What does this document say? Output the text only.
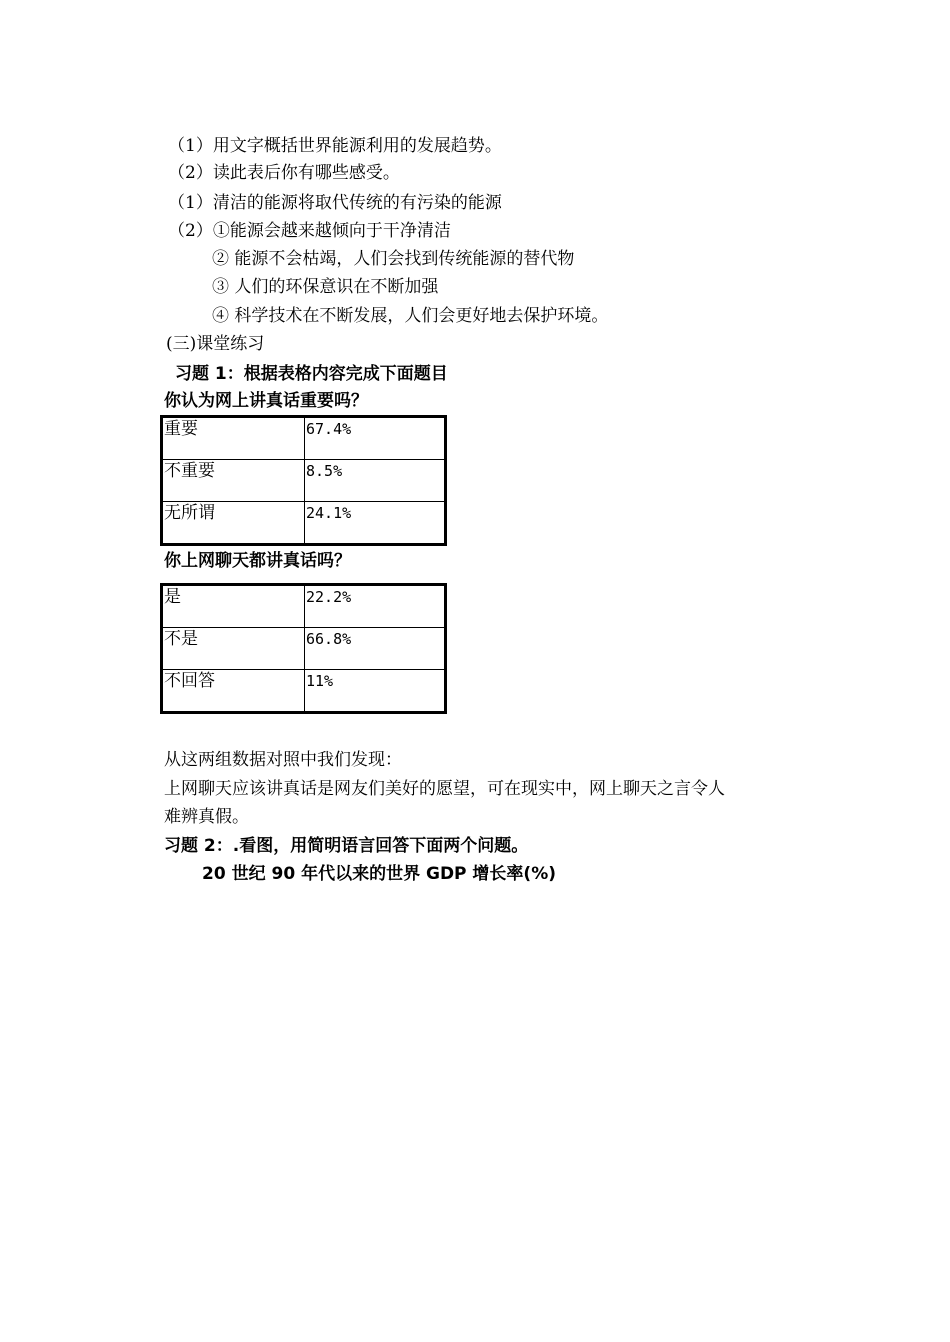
（1）用文字概括世界能源利用的发展趋势。
（2）读此表后你有哪些感受。
（1）清洁的能源将取代传统的有污染的能源
（2）①能源会越来越倾向于干净清洁
② 能源不会枯竭，人们会找到传统能源的替代物
③ 人们的环保意识在不断加强
④ 科学技术在不断发展，人们会更好地去保护环境。
(三)课堂练习
习题 1：根据表格内容完成下面题目
你认为网上讲真话重要吗？
重要	67.4%
不重要	8.5%
无所谓	24.1%
你上网聊天都讲真话吗？
是	22.2%
不是	66.8%
不回答	11%
从这两组数据对照中我们发现：
上网聊天应该讲真话是网友们美好的愿望，可在现实中，网上聊天之言令人
难辨真假。
习题 2：.看图，用简明语言回答下面两个问题。
20 世纪 90 年代以来的世界 GDP 增长率(%)
